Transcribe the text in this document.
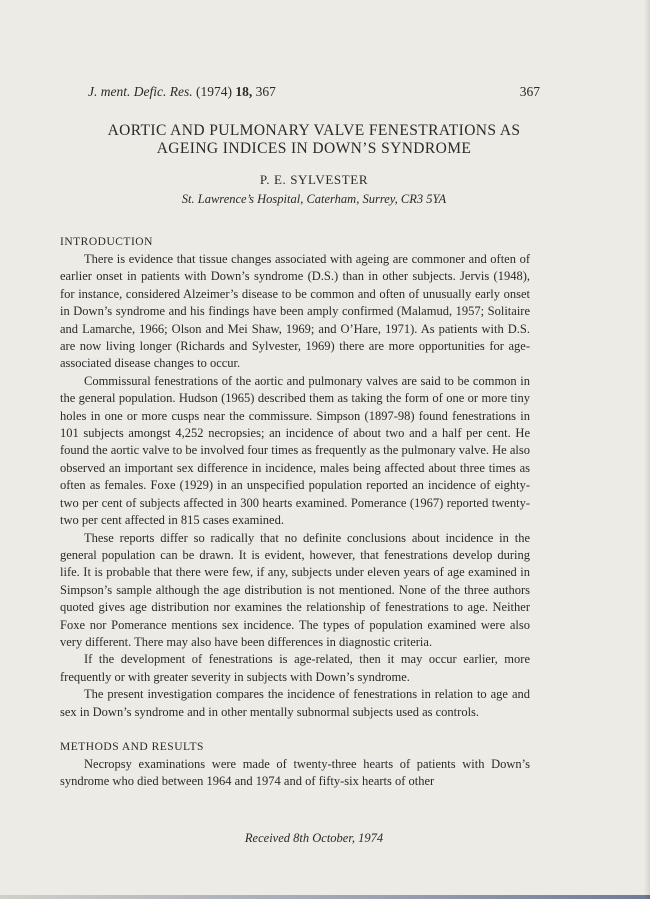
J. ment. Defic. Res. (1974) 18, 367	367
AORTIC AND PULMONARY VALVE FENESTRATIONS AS
AGEING INDICES IN DOWN’S SYNDROME
P. E. SYLVESTER
St. Lawrence’s Hospital, Caterham, Surrey, CR3 5YA
INTRODUCTION

There is evidence that tissue changes associated with ageing are commoner and often of earlier onset in patients with Down’s syndrome (D.S.) than in other subjects. Jervis (1948), for instance, considered Alzeimer’s disease to be common and often of unusually early onset in Down’s syndrome and his findings have been amply confirmed (Malamud, 1957; Solitaire and Lamarche, 1966; Olson and Mei Shaw, 1969; and O’Hare, 1971). As patients with D.S. are now living longer (Richards and Sylvester, 1969) there are more opportunities for age-associated disease changes to occur.

Commissural fenestrations of the aortic and pulmonary valves are said to be common in the general population. Hudson (1965) described them as taking the form of one or more tiny holes in one or more cusps near the commissure. Simpson (1897-98) found fenestrations in 101 subjects amongst 4,252 necropsies; an incidence of about two and a half per cent. He found the aortic valve to be involved four times as frequently as the pulmonary valve. He also observed an important sex difference in incidence, males being affected about three times as often as females. Foxe (1929) in an unspecified population reported an incidence of eighty-two per cent of subjects affected in 300 hearts examined. Pomerance (1967) reported twenty-two per cent affected in 815 cases examined.

These reports differ so radically that no definite conclusions about incidence in the general population can be drawn. It is evident, however, that fenestrations develop during life. It is probable that there were few, if any, subjects under eleven years of age examined in Simpson’s sample although the age distribution is not mentioned. None of the three authors quoted gives age distribution nor examines the relationship of fenestrations to age. Neither Foxe nor Pomerance mentions sex incidence. The types of population examined were also very different. There may also have been differences in diagnostic criteria.

If the development of fenestrations is age-related, then it may occur earlier, more frequently or with greater severity in subjects with Down’s syndrome.

The present investigation compares the incidence of fenestrations in relation to age and sex in Down’s syndrome and in other mentally subnormal subjects used as controls.

METHODS AND RESULTS

Necropsy examinations were made of twenty-three hearts of patients with Down’s syndrome who died between 1964 and 1974 and of fifty-six hearts of other

Received 8th October, 1974
